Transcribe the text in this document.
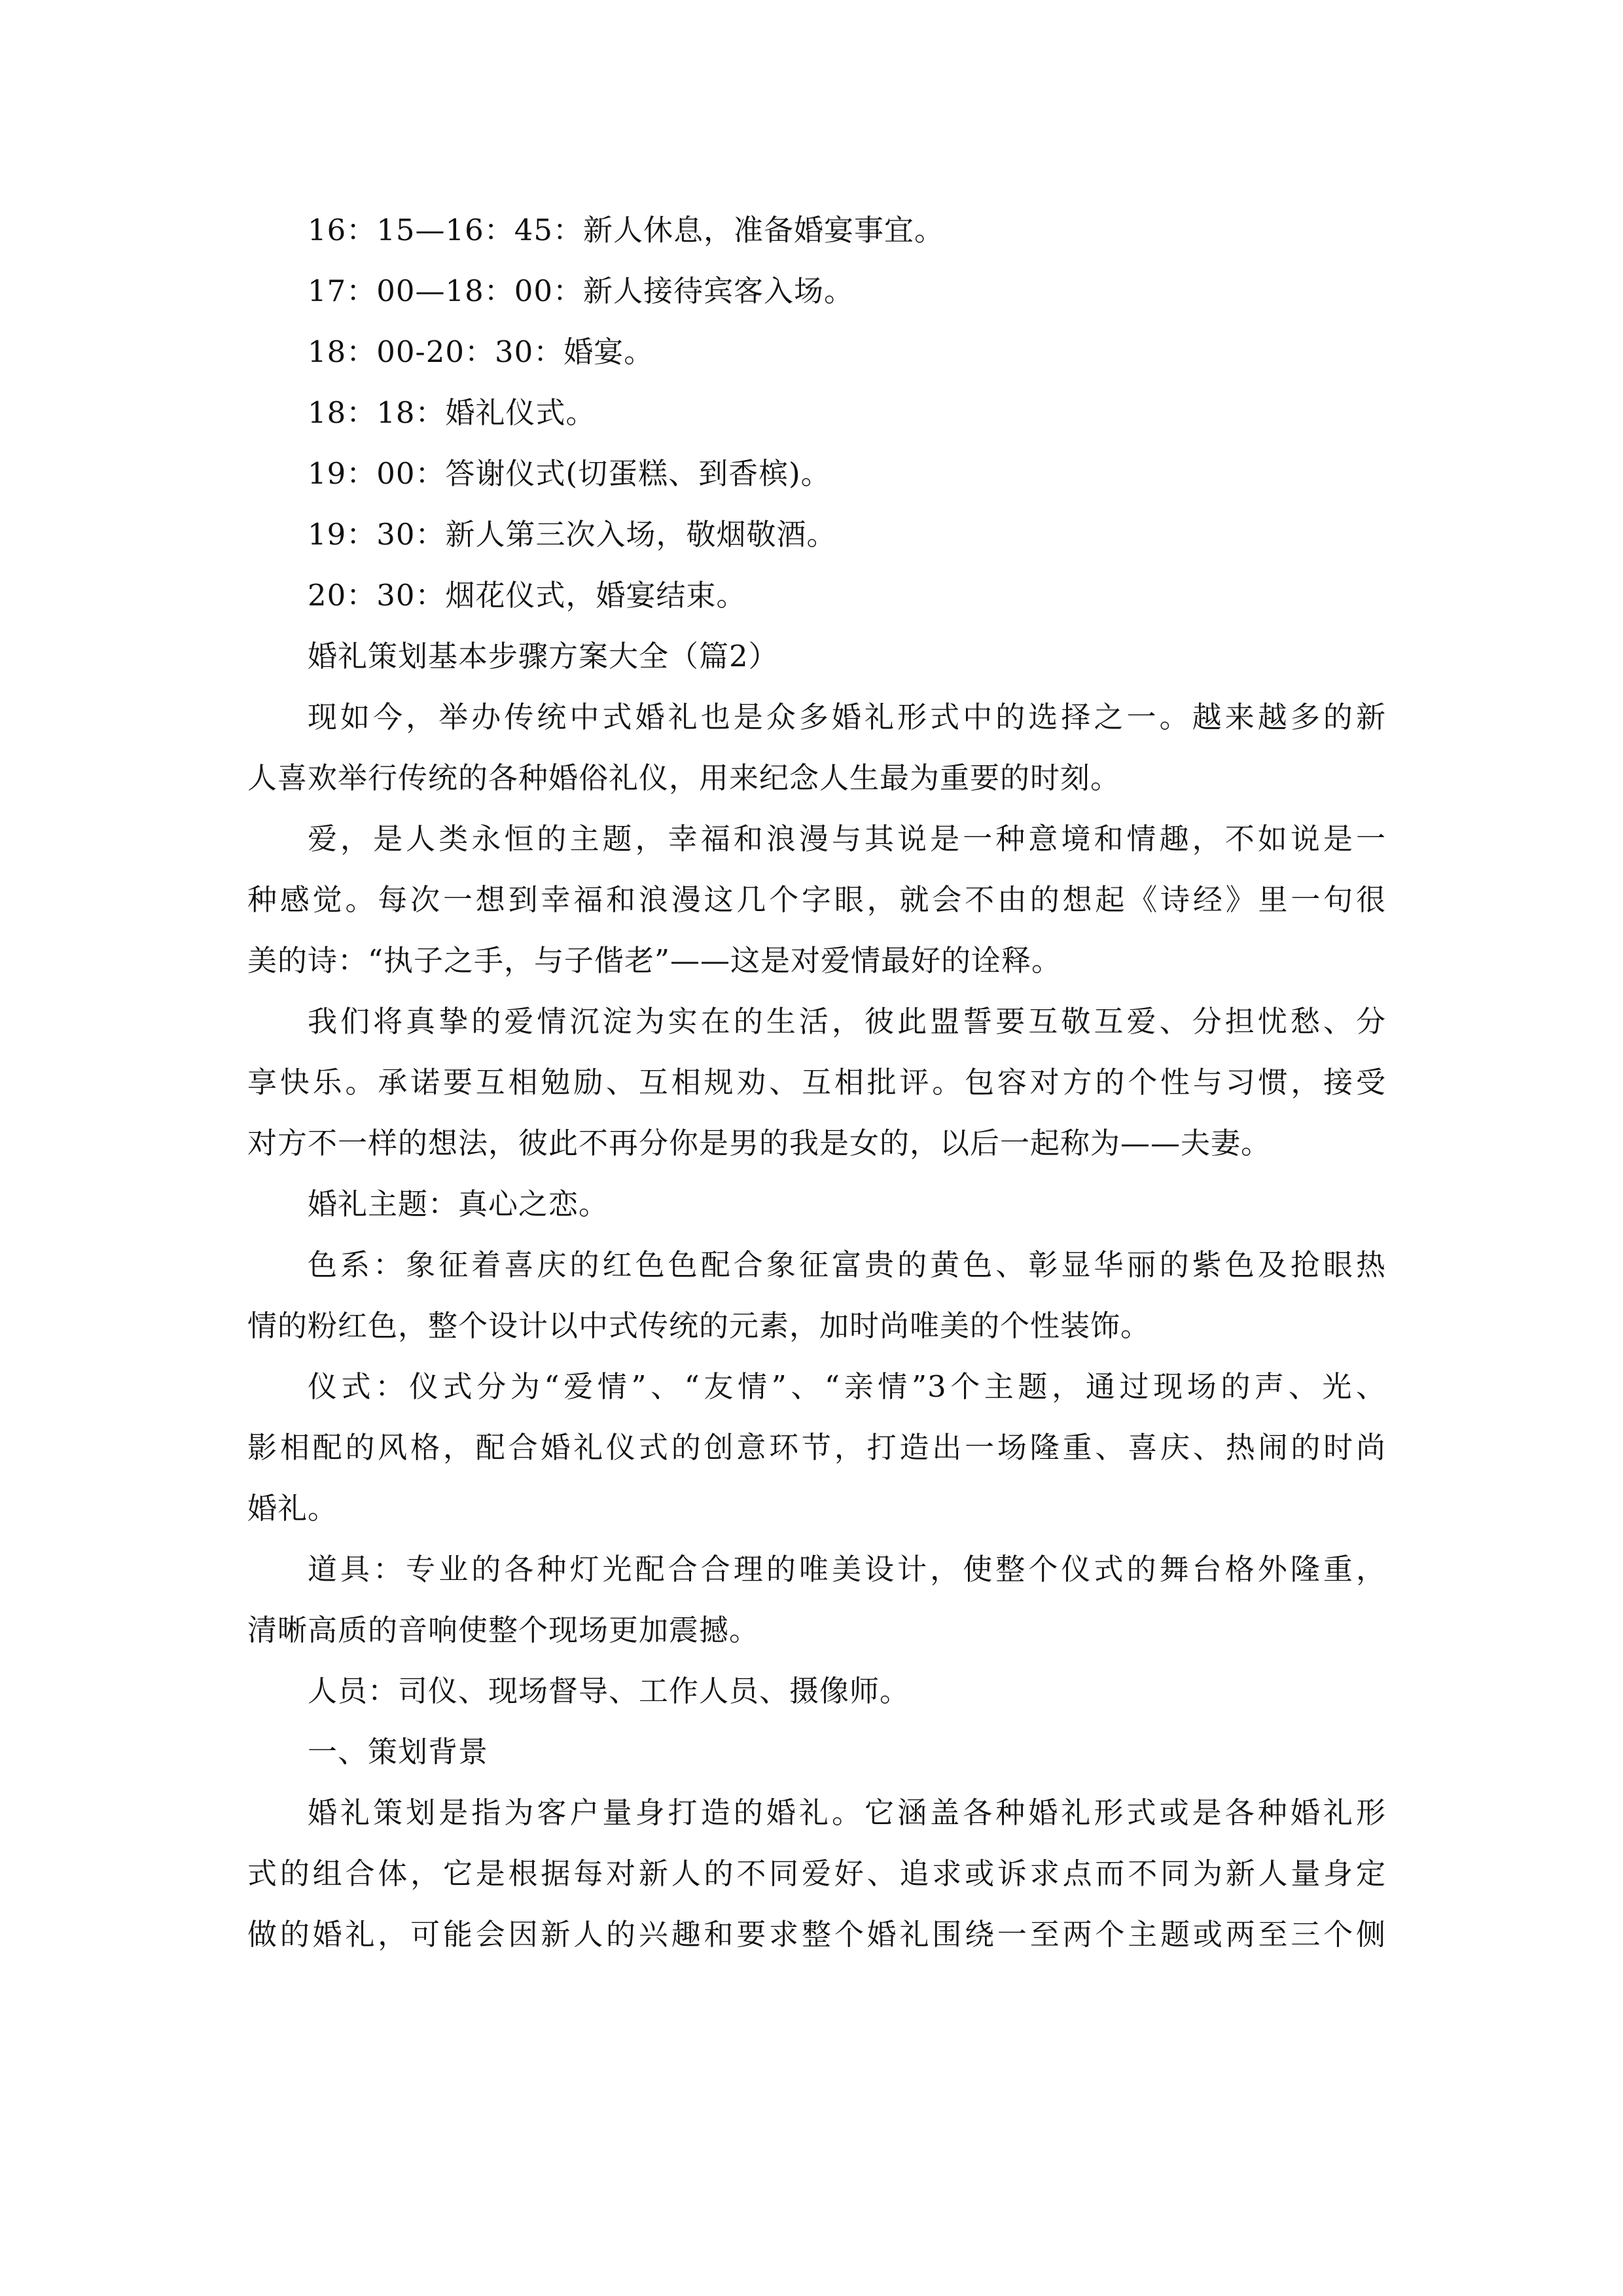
16：15—16：45：新人休息，准备婚宴事宜。

17：00—18：00：新人接待宾客入场。

18：00-20：30：婚宴。

18：18：婚礼仪式。

19：00：答谢仪式(切蛋糕、到香槟)。

19：30：新人第三次入场，敬烟敬酒。

20：30：烟花仪式，婚宴结束。

婚礼策划基本步骤方案大全（篇2）

现如今，举办传统中式婚礼也是众多婚礼形式中的选择之一。越来越多的新

人喜欢举行传统的各种婚俗礼仪，用来纪念人生最为重要的时刻。

爱，是人类永恒的主题，幸福和浪漫与其说是一种意境和情趣，不如说是一

种感觉。每次一想到幸福和浪漫这几个字眼，就会不由的想起《诗经》里一句很

美的诗：“执子之手，与子偕老”——这是对爱情最好的诠释。

我们将真挚的爱情沉淀为实在的生活，彼此盟誓要互敬互爱、分担忧愁、分

享快乐。承诺要互相勉励、互相规劝、互相批评。包容对方的个性与习惯，接受

对方不一样的想法，彼此不再分你是男的我是女的，以后一起称为——夫妻。

婚礼主题：真心之恋。

色系：象征着喜庆的红色色配合象征富贵的黄色、彰显华丽的紫色及抢眼热

情的粉红色，整个设计以中式传统的元素，加时尚唯美的个性装饰。

仪式：仪式分为“爱情”、“友情”、“亲情”3个主题，通过现场的声、光、

影相配的风格，配合婚礼仪式的创意环节，打造出一场隆重、喜庆、热闹的时尚

婚礼。

道具：专业的各种灯光配合合理的唯美设计，使整个仪式的舞台格外隆重，

清晰高质的音响使整个现场更加震撼。

人员：司仪、现场督导、工作人员、摄像师。

一、策划背景

婚礼策划是指为客户量身打造的婚礼。它涵盖各种婚礼形式或是各种婚礼形

式的组合体，它是根据每对新人的不同爱好、追求或诉求点而不同为新人量身定

做的婚礼，可能会因新人的兴趣和要求整个婚礼围绕一至两个主题或两至三个侧
